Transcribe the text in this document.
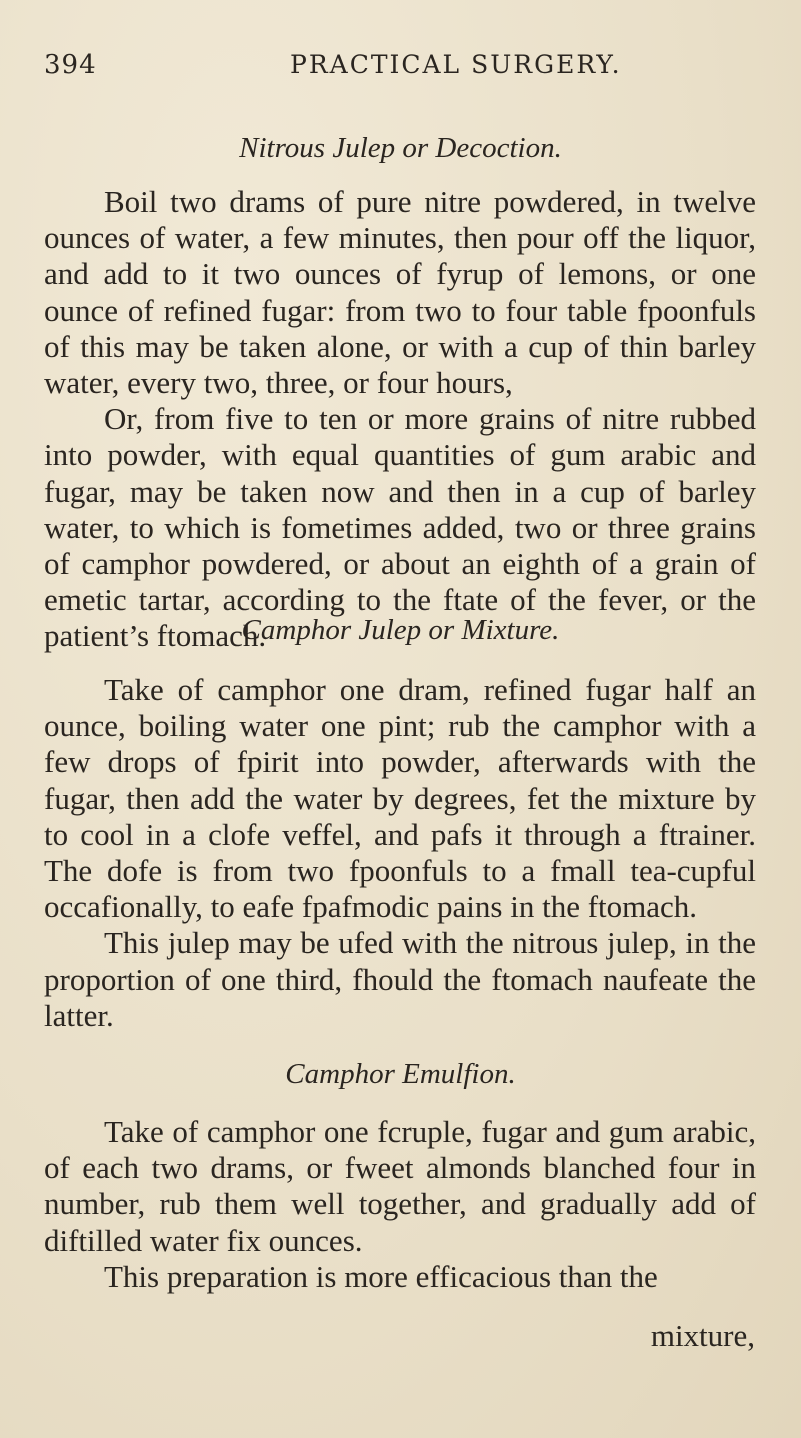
394	PRACTICAL SURGERY.
Nitrous Julep or Decoction.

Boil two drams of pure nitre powdered, in twelve ounces of water, a few minutes, then pour off the liquor, and add to it two ounces of fyrup of lemons, or one ounce of refined fugar: from two to four table fpoonfuls of this may be taken alone, or with a cup of thin barley water, every two, three, or four hours,

Or, from five to ten or more grains of nitre rubbed into powder, with equal quantities of gum arabic and fugar, may be taken now and then in a cup of barley water, to which is fometimes added, two or three grains of camphor powdered, or about an eighth of a grain of emetic tartar, according to the ftate of the fever, or the patient’s ftomach.

Camphor Julep or Mixture.

Take of camphor one dram, refined fugar half an ounce, boiling water one pint; rub the camphor with a few drops of fpirit into powder, afterwards with the fugar, then add the water by degrees, fet the mixture by to cool in a clofe veffel, and pafs it through a ftrainer. The dofe is from two fpoonfuls to a fmall tea-cupful occafionally, to eafe fpafmodic pains in the ftomach.

This julep may be ufed with the nitrous julep, in the proportion of one third, fhould the ftomach naufeate the latter.

Camphor Emulfion.

Take of camphor one fcruple, fugar and gum arabic, of each two drams, or fweet almonds blanched four in number, rub them well together, and gradually add of diftilled water fix ounces.

This preparation is more efficacious than the

mixture,
